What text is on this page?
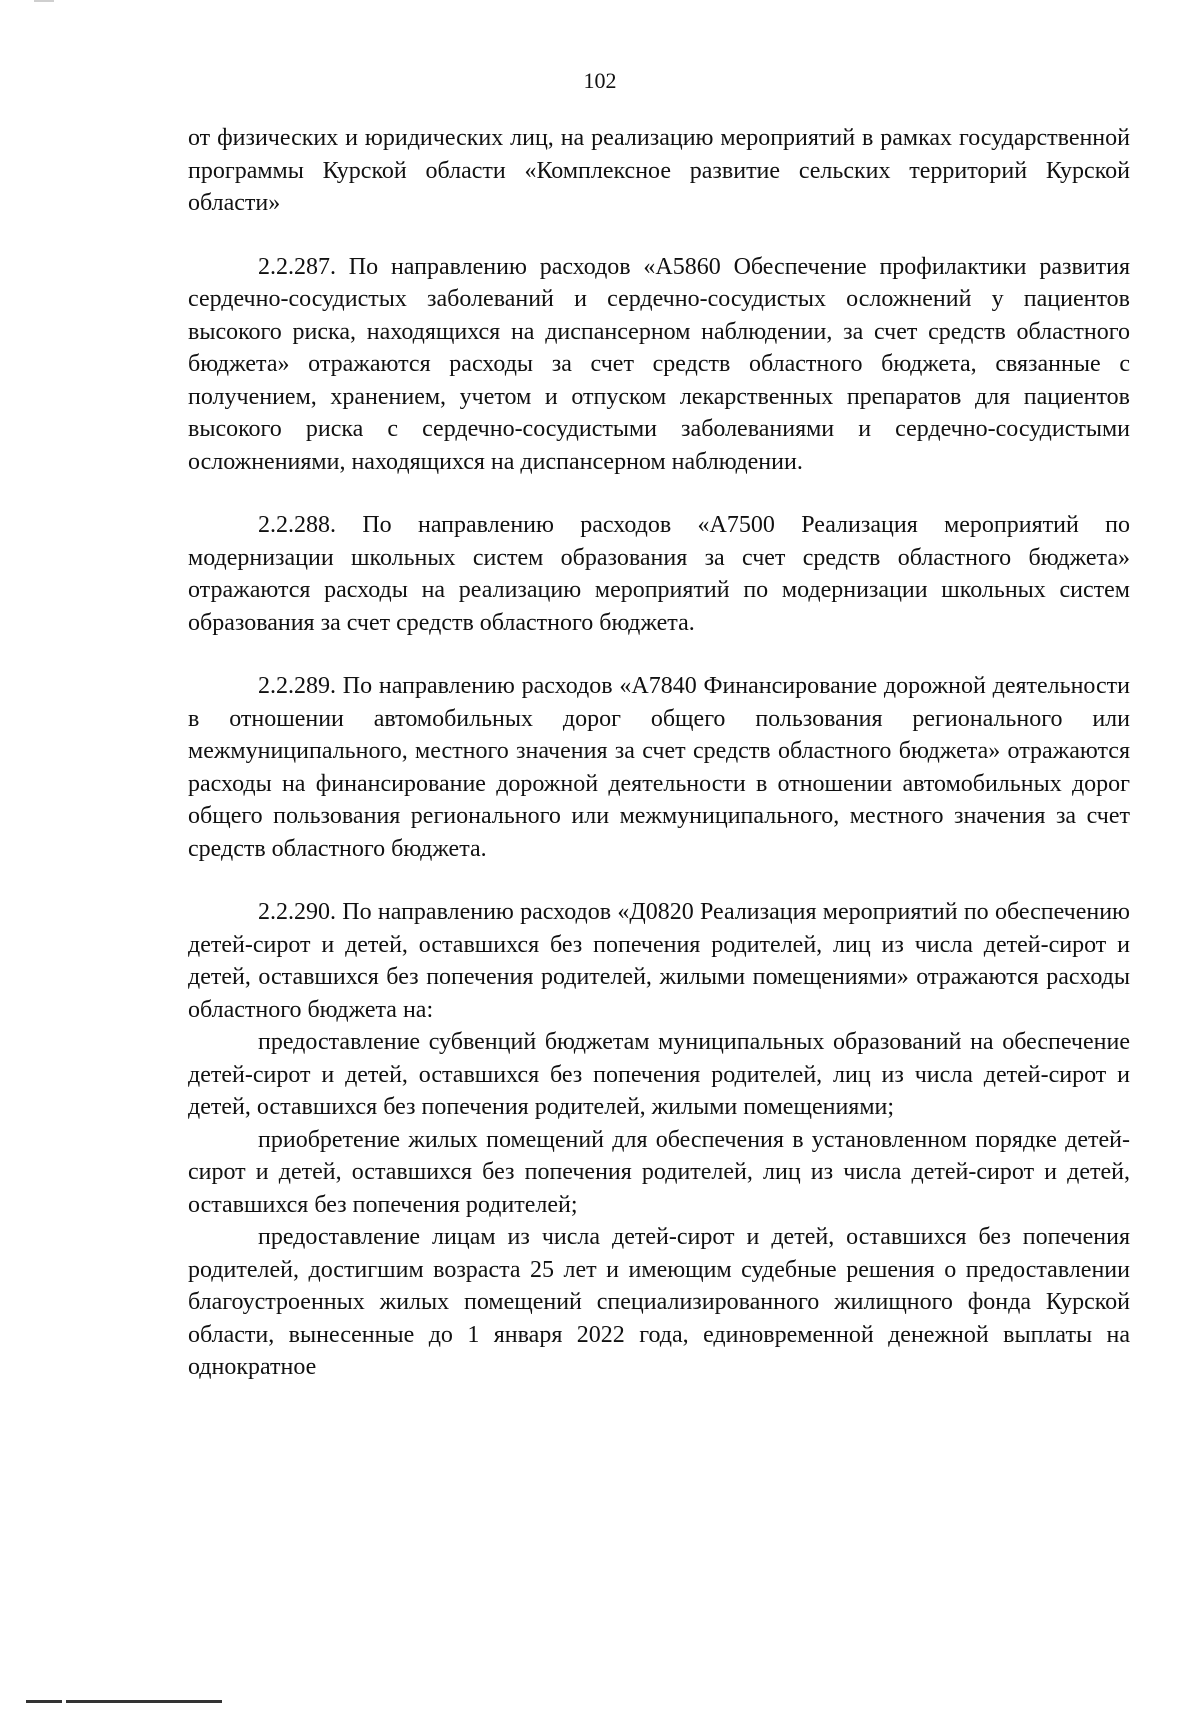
102

от физических и юридических лиц, на реализацию мероприятий в рамках государственной программы Курской области «Комплексное развитие сельских территорий Курской области»

2.2.287. По направлению расходов «А5860 Обеспечение профилактики развития сердечно-сосудистых заболеваний и сердечно-сосудистых осложнений у пациентов высокого риска, находящихся на диспансерном наблюдении, за счет средств областного бюджета» отражаются расходы за счет средств областного бюджета, связанные с получением, хранением, учетом и отпуском лекарственных препаратов для пациентов высокого риска с сердечно-сосудистыми заболеваниями и сердечно-сосудистыми осложнениями, находящихся на диспансерном наблюдении.

2.2.288. По направлению расходов «А7500 Реализация мероприятий по модернизации школьных систем образования за счет средств областного бюджета» отражаются расходы на реализацию мероприятий по модернизации школьных систем образования за счет средств областного бюджета.

2.2.289. По направлению расходов «А7840 Финансирование дорожной деятельности в отношении автомобильных дорог общего пользования регионального или межмуниципального, местного значения за счет средств областного бюджета» отражаются расходы на финансирование дорожной деятельности в отношении автомобильных дорог общего пользования регионального или межмуниципального, местного значения за счет средств областного бюджета.

2.2.290. По направлению расходов «Д0820 Реализация мероприятий по обеспечению детей-сирот и детей, оставшихся без попечения родителей, лиц из числа детей-сирот и детей, оставшихся без попечения родителей, жилыми помещениями» отражаются расходы областного бюджета на:

предоставление субвенций бюджетам муниципальных образований на обеспечение детей-сирот и детей, оставшихся без попечения родителей, лиц из числа детей-сирот и детей, оставшихся без попечения родителей, жилыми помещениями;

приобретение жилых помещений для обеспечения в установленном порядке детей-сирот и детей, оставшихся без попечения родителей, лиц из числа детей-сирот и детей, оставшихся без попечения родителей;

предоставление лицам из числа детей-сирот и детей, оставшихся без попечения родителей, достигшим возраста 25 лет и имеющим судебные решения о предоставлении благоустроенных жилых помещений специализированного жилищного фонда Курской области, вынесенные до 1 января 2022 года, единовременной денежной выплаты на однократное
